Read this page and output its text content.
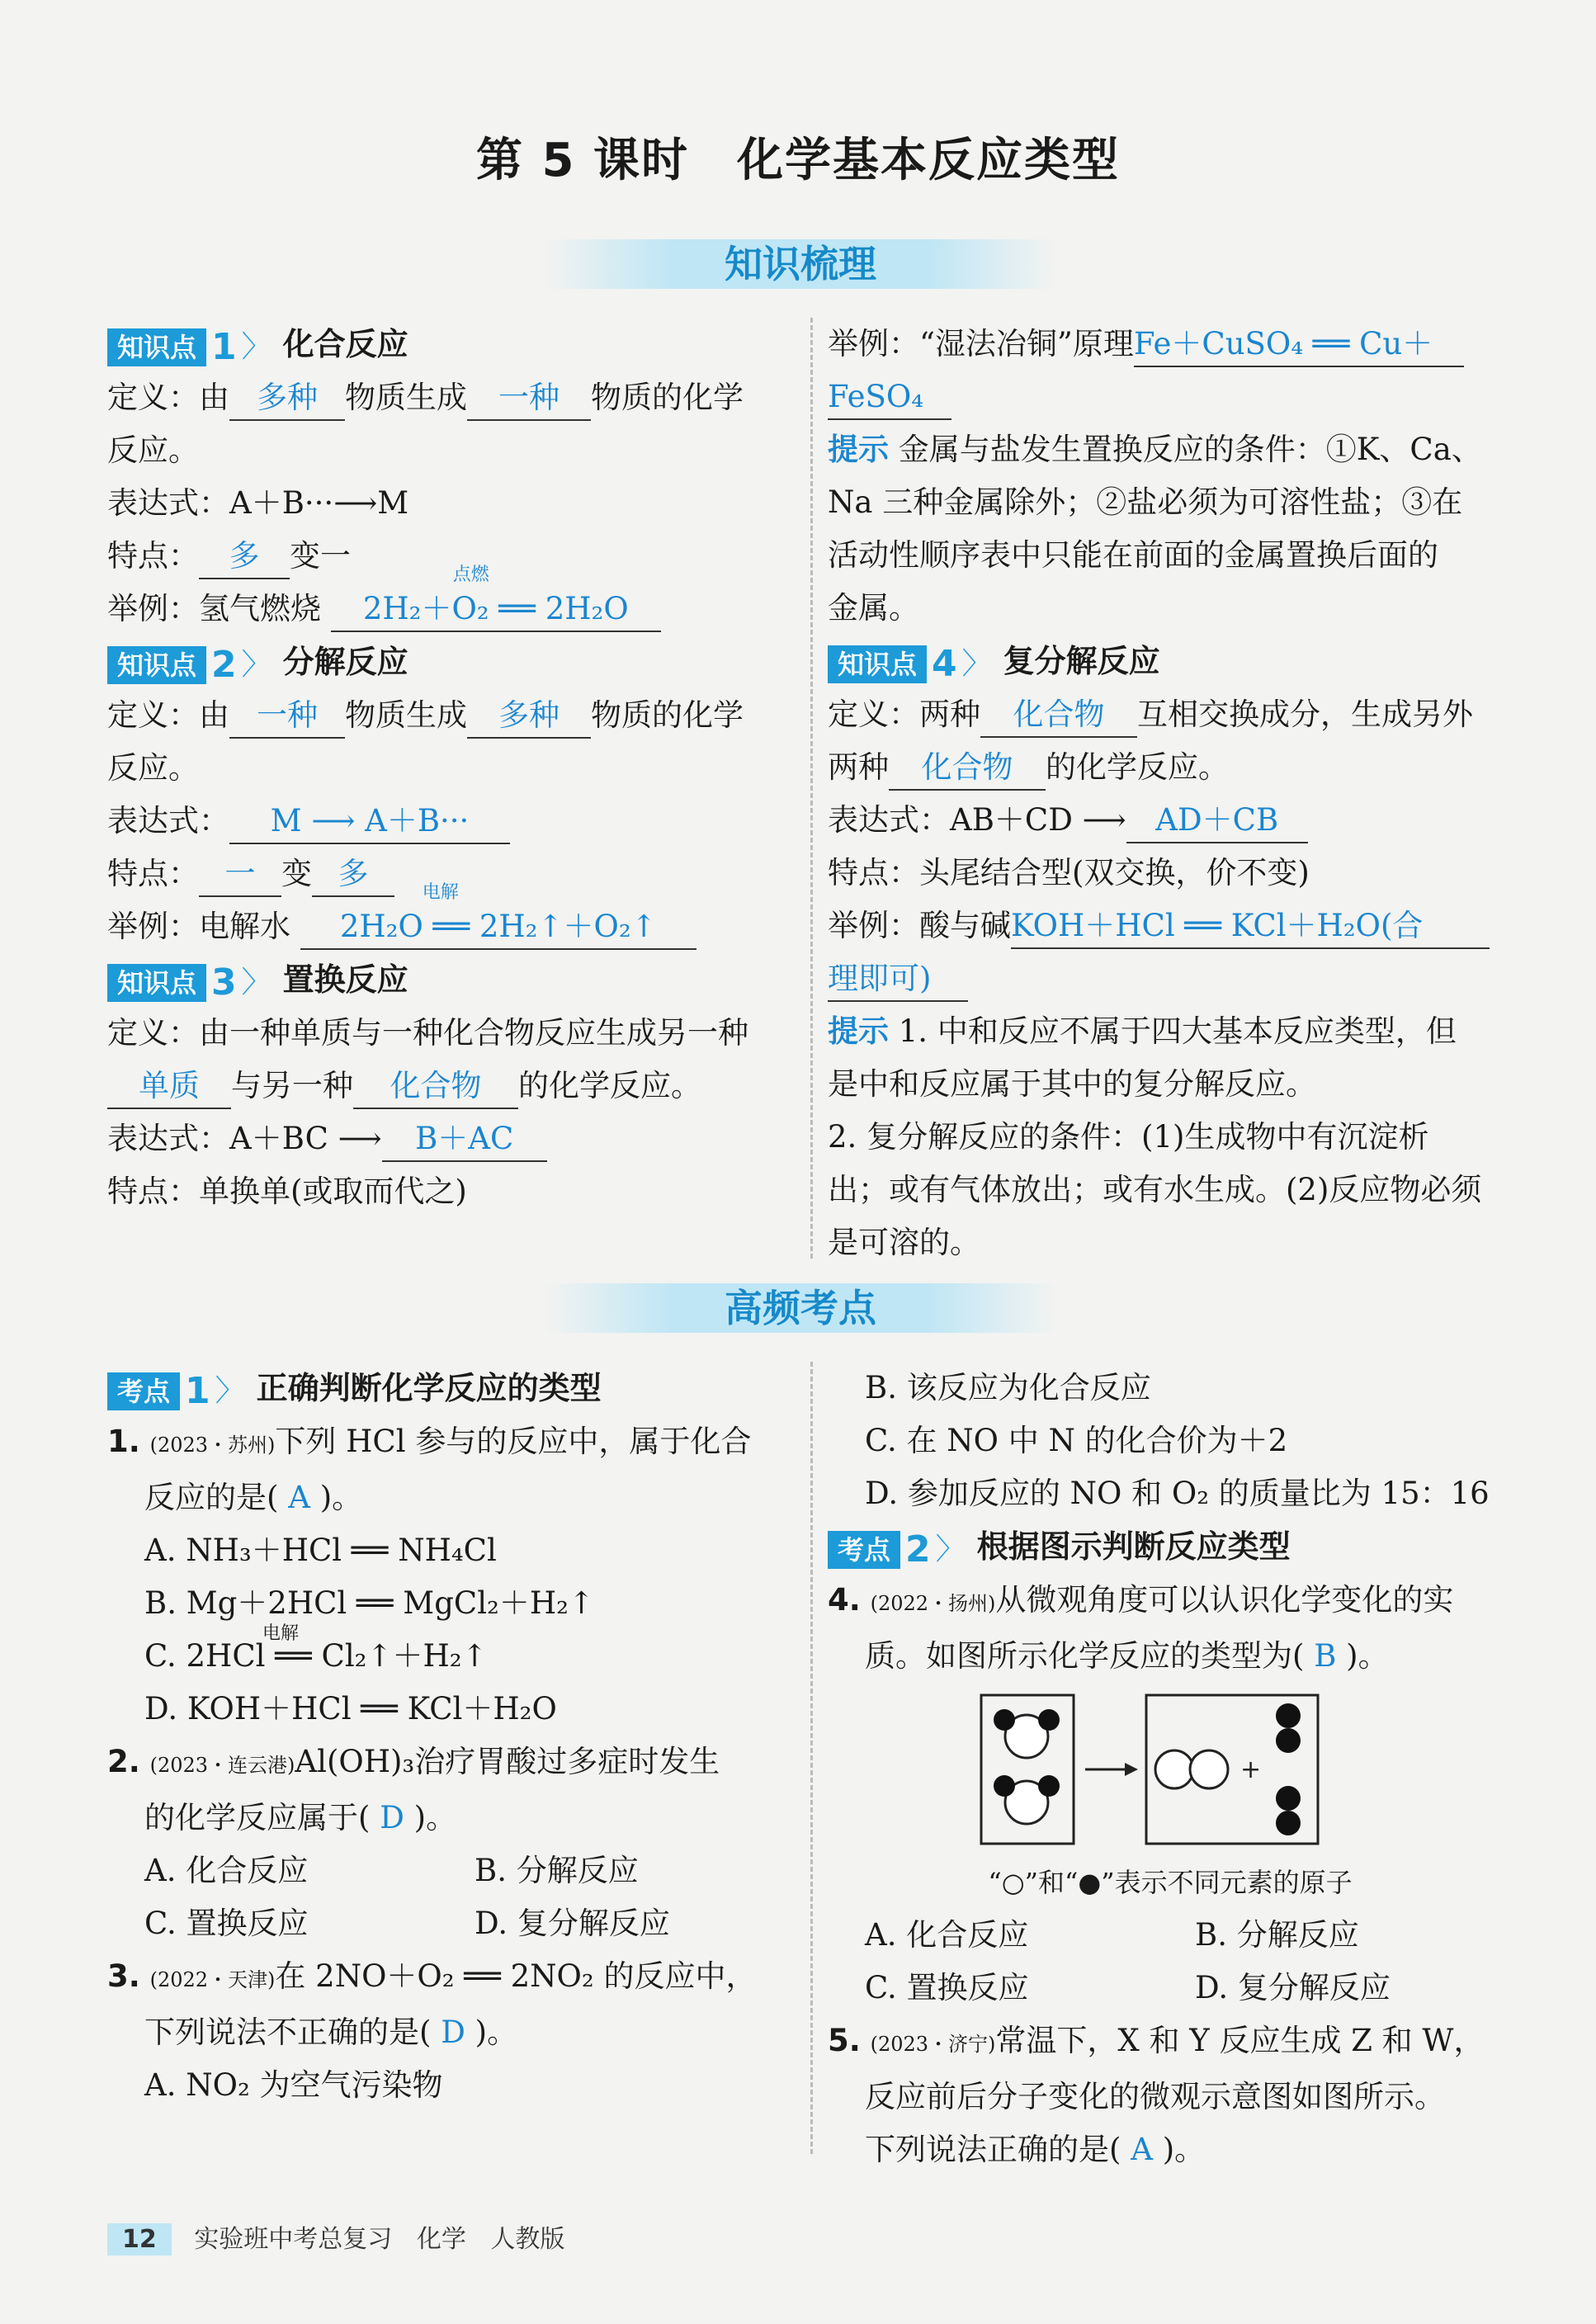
第 5 课时　化学基本反应类型
知识梳理

知识点 1 〉 化合反应

定义：由 多种 物质生成 一种 物质的化学

反应。

表达式：A＋B···⟶M

特点： 多 变一

举例：氢气燃烧
点燃
2H₂＋O₂ ══ 2H₂O

知识点 2 〉 分解反应

定义：由 一种 物质生成 多种 物质的化学

反应。

表达式： M ⟶ A＋B···

特点： 一 变 多

举例：电解水
电解
2H₂O ══ 2H₂↑＋O₂↑

知识点 3 〉 置换反应

定义：由一种单质与一种化合物反应生成另一种

单质 与另一种 化合物 的化学反应。

表达式：A＋BC ⟶ B＋AC

特点：单换单(或取而代之)

举例：“湿法冶铜”原理Fe＋CuSO₄ ══ Cu＋

FeSO₄

提示 金属与盐发生置换反应的条件：①K、Ca、

Na 三种金属除外；②盐必须为可溶性盐；③在

活动性顺序表中只能在前面的金属置换后面的

金属。

知识点 4 〉 复分解反应

定义：两种 化合物 互相交换成分，生成另外

两种 化合物 的化学反应。

表达式：AB＋CD ⟶ AD＋CB

特点：头尾结合型(双交换，价不变)

举例：酸与碱KOH＋HCl ══ KCl＋H₂O(合

理即可)

提示 1. 中和反应不属于四大基本反应类型，但

是中和反应属于其中的复分解反应。

2. 复分解反应的条件：(1)生成物中有沉淀析

出；或有气体放出；或有水生成。(2)反应物必须

是可溶的。

高频考点

考点 1 〉 正确判断化学反应的类型

1. (2023・苏州)下列 HCl 参与的反应中，属于化合

反应的是( A )。

A. NH₃＋HCl ══ NH₄Cl

B. Mg＋2HCl ══ MgCl₂＋H₂↑

电解
C. 2HCl ══ Cl₂↑＋H₂↑

D. KOH＋HCl ══ KCl＋H₂O

2. (2023・连云港)Al(OH)₃治疗胃酸过多症时发生

的化学反应属于( D )。

A. 化合反应	B. 分解反应

C. 置换反应	D. 复分解反应

3. (2022・天津)在 2NO＋O₂ ══ 2NO₂ 的反应中，

下列说法不正确的是( D )。

A. NO₂ 为空气污染物

B. 该反应为化合反应

C. 在 NO 中 N 的化合价为＋2

D. 参加反应的 NO 和 O₂ 的质量比为 15：16

考点 2 〉 根据图示判断反应类型

4. (2022・扬州)从微观角度可以认识化学变化的实

质。如图所示化学反应的类型为( B )。

+

“○”和“●”表示不同元素的原子

A. 化合反应	B. 分解反应

C. 置换反应	D. 复分解反应

5. (2023・济宁)常温下，X 和 Y 反应生成 Z 和 W，

反应前后分子变化的微观示意图如图所示。

下列说法正确的是( A )。

12 实验班中考总复习 化学 人教版
